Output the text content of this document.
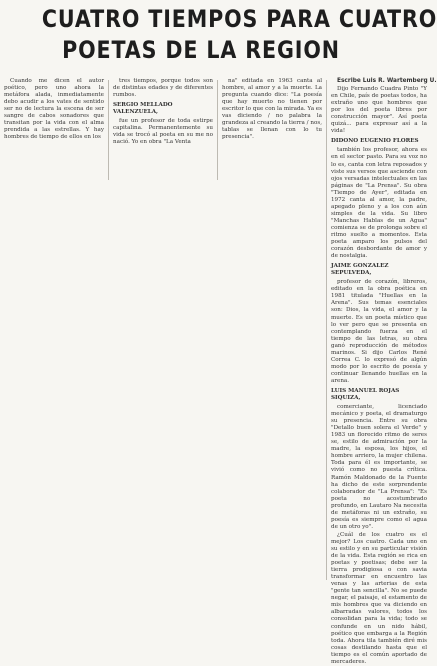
CUATRO TIEMPOS PARA CUATRO
POETAS DE LA REGION

Cuando me dicen el autor poético, pero uno ahora la metáfora alada, inmediatamente debo acudir a los vates de sentido ser no de lectura la escena de ser sangre de cabos sonadores que transitan por la vida con el alma prendida a las estrellas. Y hay hombres de tiempo de ellos en los

tres tiempos, porque todos son de distintas edades y de diferentes rumbos.

SERGIO MELLADO VALENZUELA,

fue un profesor de toda estirpe capitalina. Permanentemente su vida se trocó al poeta en su me no nació. Yo en obra "La Venta

na" editada en 1963 canta al hombre, al amor y a la muerte. La pregunta cuando dice: "La poesía que hay muerto no tienen por escritor lo que con la mirada. Ya es vas diciendo / no palabra la grandeza al creando la tierra / nos, tablas se llenan con lo tu presencia".

Escribe Luis R. Wartemberg U.

Dijo Fernando Cuadra Pinto "Y en Chile, país de poetas todos, ha extraño uno que hombres que por los del poeta libres por construcción mayor". Así poeta quizá... para expresar así a la vida!

DIDONO EUGENIO FLORES

también los profesor, ahora es en el sector pasto. Para su voz no lo es, canta con letra reposados y viste sus versos que asciende con ojos versadas intelectuales en las páginas de "La Prensa". Su obra "Tiempo de Ayer", editada en 1972 canta al amor, la padre, apegado pleno y a los con aún simples de la vida. Su libro "Manchas Hablas de un Agua" comienza se de prolonga sobre el ritmo suelto a momentos. Esta poeta amparo los pulsos del corazón desbordante de amor y de nostalgia.

JAIME GONZALEZ SEPULVEDA,

profesor de corazón, libreros, editado en la obra poética en 1981 titulada "Huellas en la Arena". Sus temas esenciales son: Dios, la vida, el amor y la muerte. Es un poeta místico que lo ver pero que se presenta en contemplando fuerza en el tiempo de las letras, su obra ganó reproducción de métodos marinos. Si dijo Carlos René Correa C. lo expresó de algún modo por lo escrito de poesía y continuar llenando huellas en la arena.

LUIS MANUEL ROJAS SIQUIZA,

comerciante, licenciado mecánico y poeta, el dramaturgo su presencia. Entre su obra "Detallo buen solera el Verde" y 1983 un florecido ritmo de seres se, estilo de admiración por la madre, la esposa, los hijos, el hombre arriero, la mujer chilena. Toda para él es importante, se vivió como no puesta crítica. Ramón Maldonado de la Fuente ha dicho de este sorprendente colaborador de "La Prensa": "Es poeta no acostumbrado profundo, en Lautaro Na necesita de metáforas ni un extraño, su poesía es siempre como el agua de un otro yo".

¿Cuál de los cuatro es el mejor? Los cuatro. Cada uno en su estilo y en su particular visión de la vida. Esta región se rica en poetas y poetisas; debe ser la tierra prodigiosa o con savia transformar en encuentro las venas y las arterias de esta "gente tan sencilla". No se puede negar, el paisaje, el estamento de mis hombres que va diciendo en albarradas valores, todos los consolidan para la vida; todo se confunde en un nido hábil, poético que embarga a la Región toda. Ahora tila también diré mis cosas destilando hasta que el tiempo es el común aportado de mercaderes.
